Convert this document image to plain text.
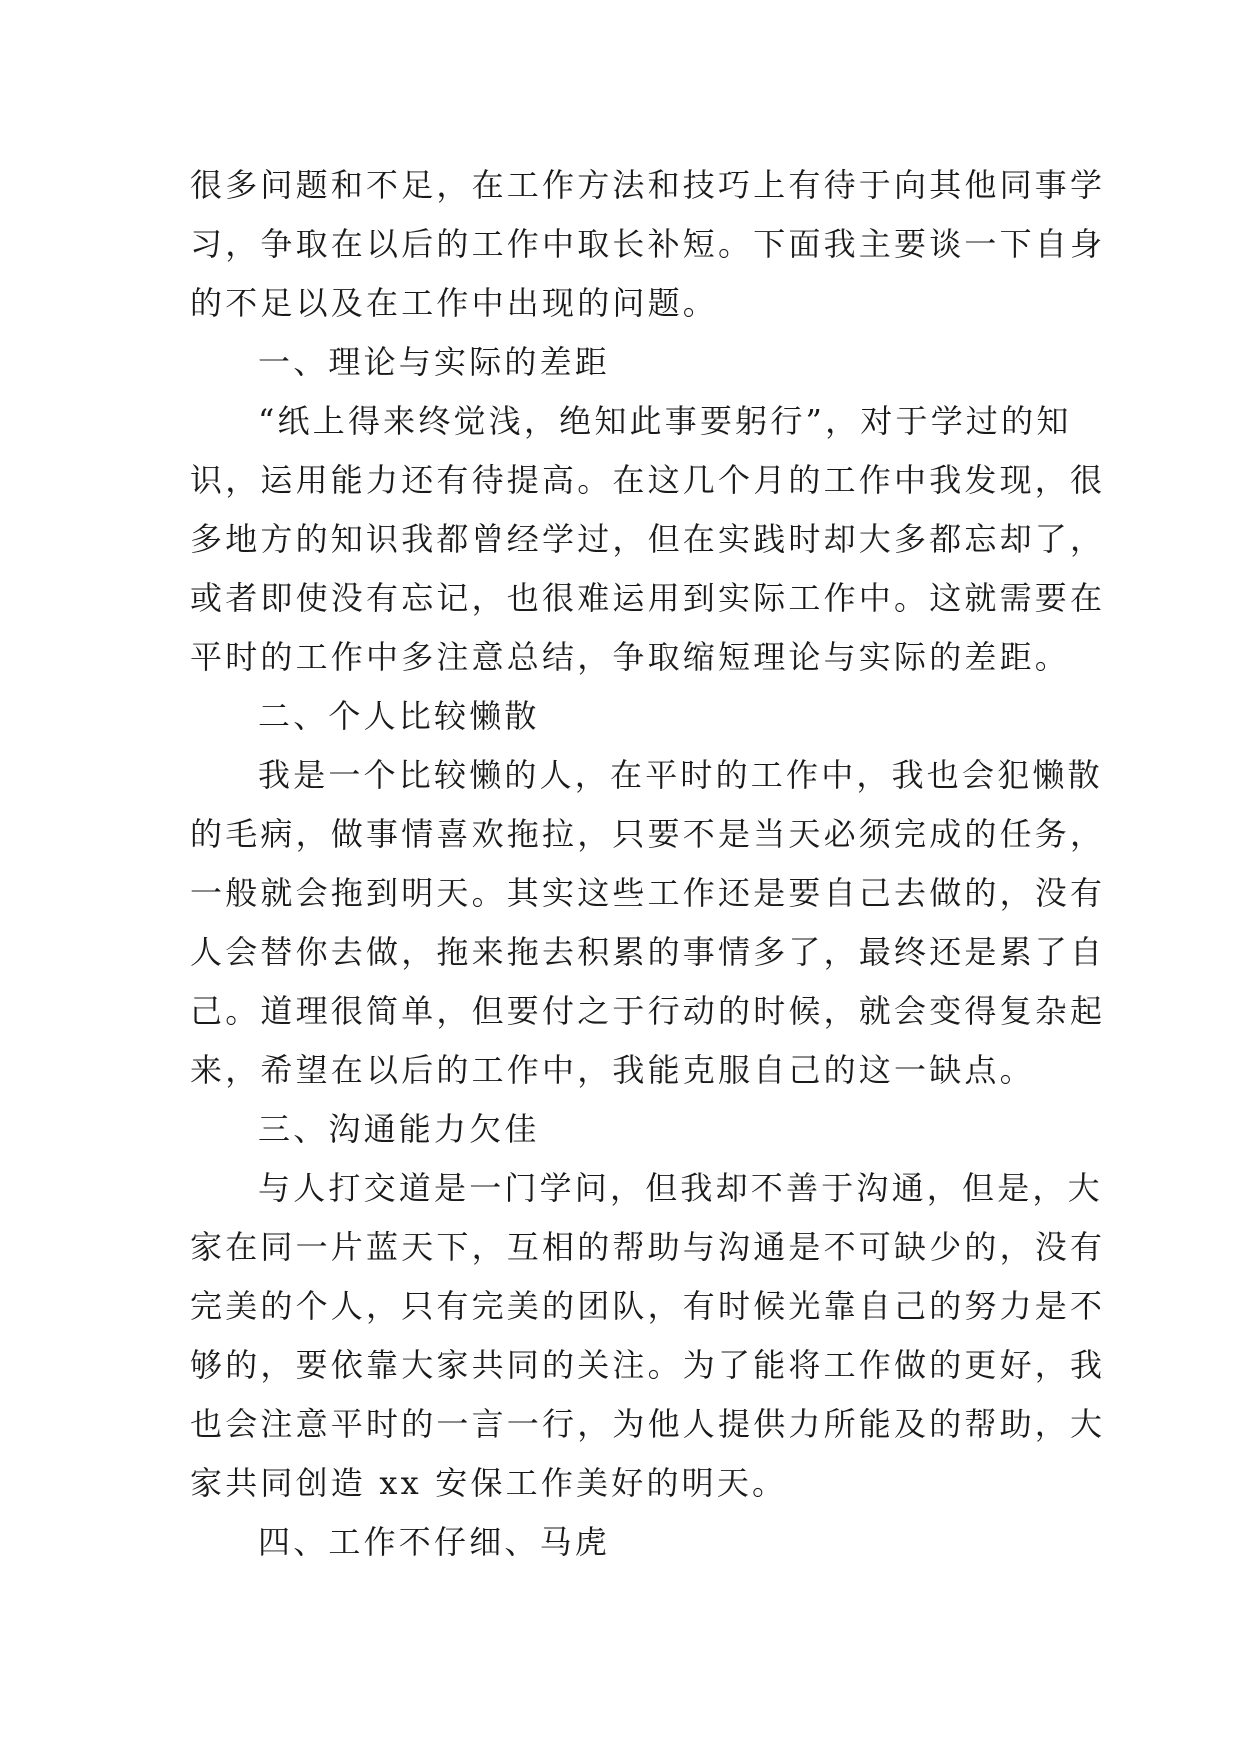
很多问题和不足，在工作方法和技巧上有待于向其他同事学
习，争取在以后的工作中取长补短。下面我主要谈一下自身
的不足以及在工作中出现的问题。
一、理论与实际的差距
“纸上得来终觉浅，绝知此事要躬行”，对于学过的知
识，运用能力还有待提高。在这几个月的工作中我发现，很
多地方的知识我都曾经学过，但在实践时却大多都忘却了，
或者即使没有忘记，也很难运用到实际工作中。这就需要在
平时的工作中多注意总结，争取缩短理论与实际的差距。
二、个人比较懒散
我是一个比较懒的人，在平时的工作中，我也会犯懒散
的毛病，做事情喜欢拖拉，只要不是当天必须完成的任务，
一般就会拖到明天。其实这些工作还是要自己去做的，没有
人会替你去做，拖来拖去积累的事情多了，最终还是累了自
己。道理很简单，但要付之于行动的时候，就会变得复杂起
来，希望在以后的工作中，我能克服自己的这一缺点。
三、沟通能力欠佳
与人打交道是一门学问，但我却不善于沟通，但是，大
家在同一片蓝天下，互相的帮助与沟通是不可缺少的，没有
完美的个人，只有完美的团队，有时候光靠自己的努力是不
够的，要依靠大家共同的关注。为了能将工作做的更好，我
也会注意平时的一言一行，为他人提供力所能及的帮助，大
家共同创造 xx 安保工作美好的明天。
四、工作不仔细、马虎
